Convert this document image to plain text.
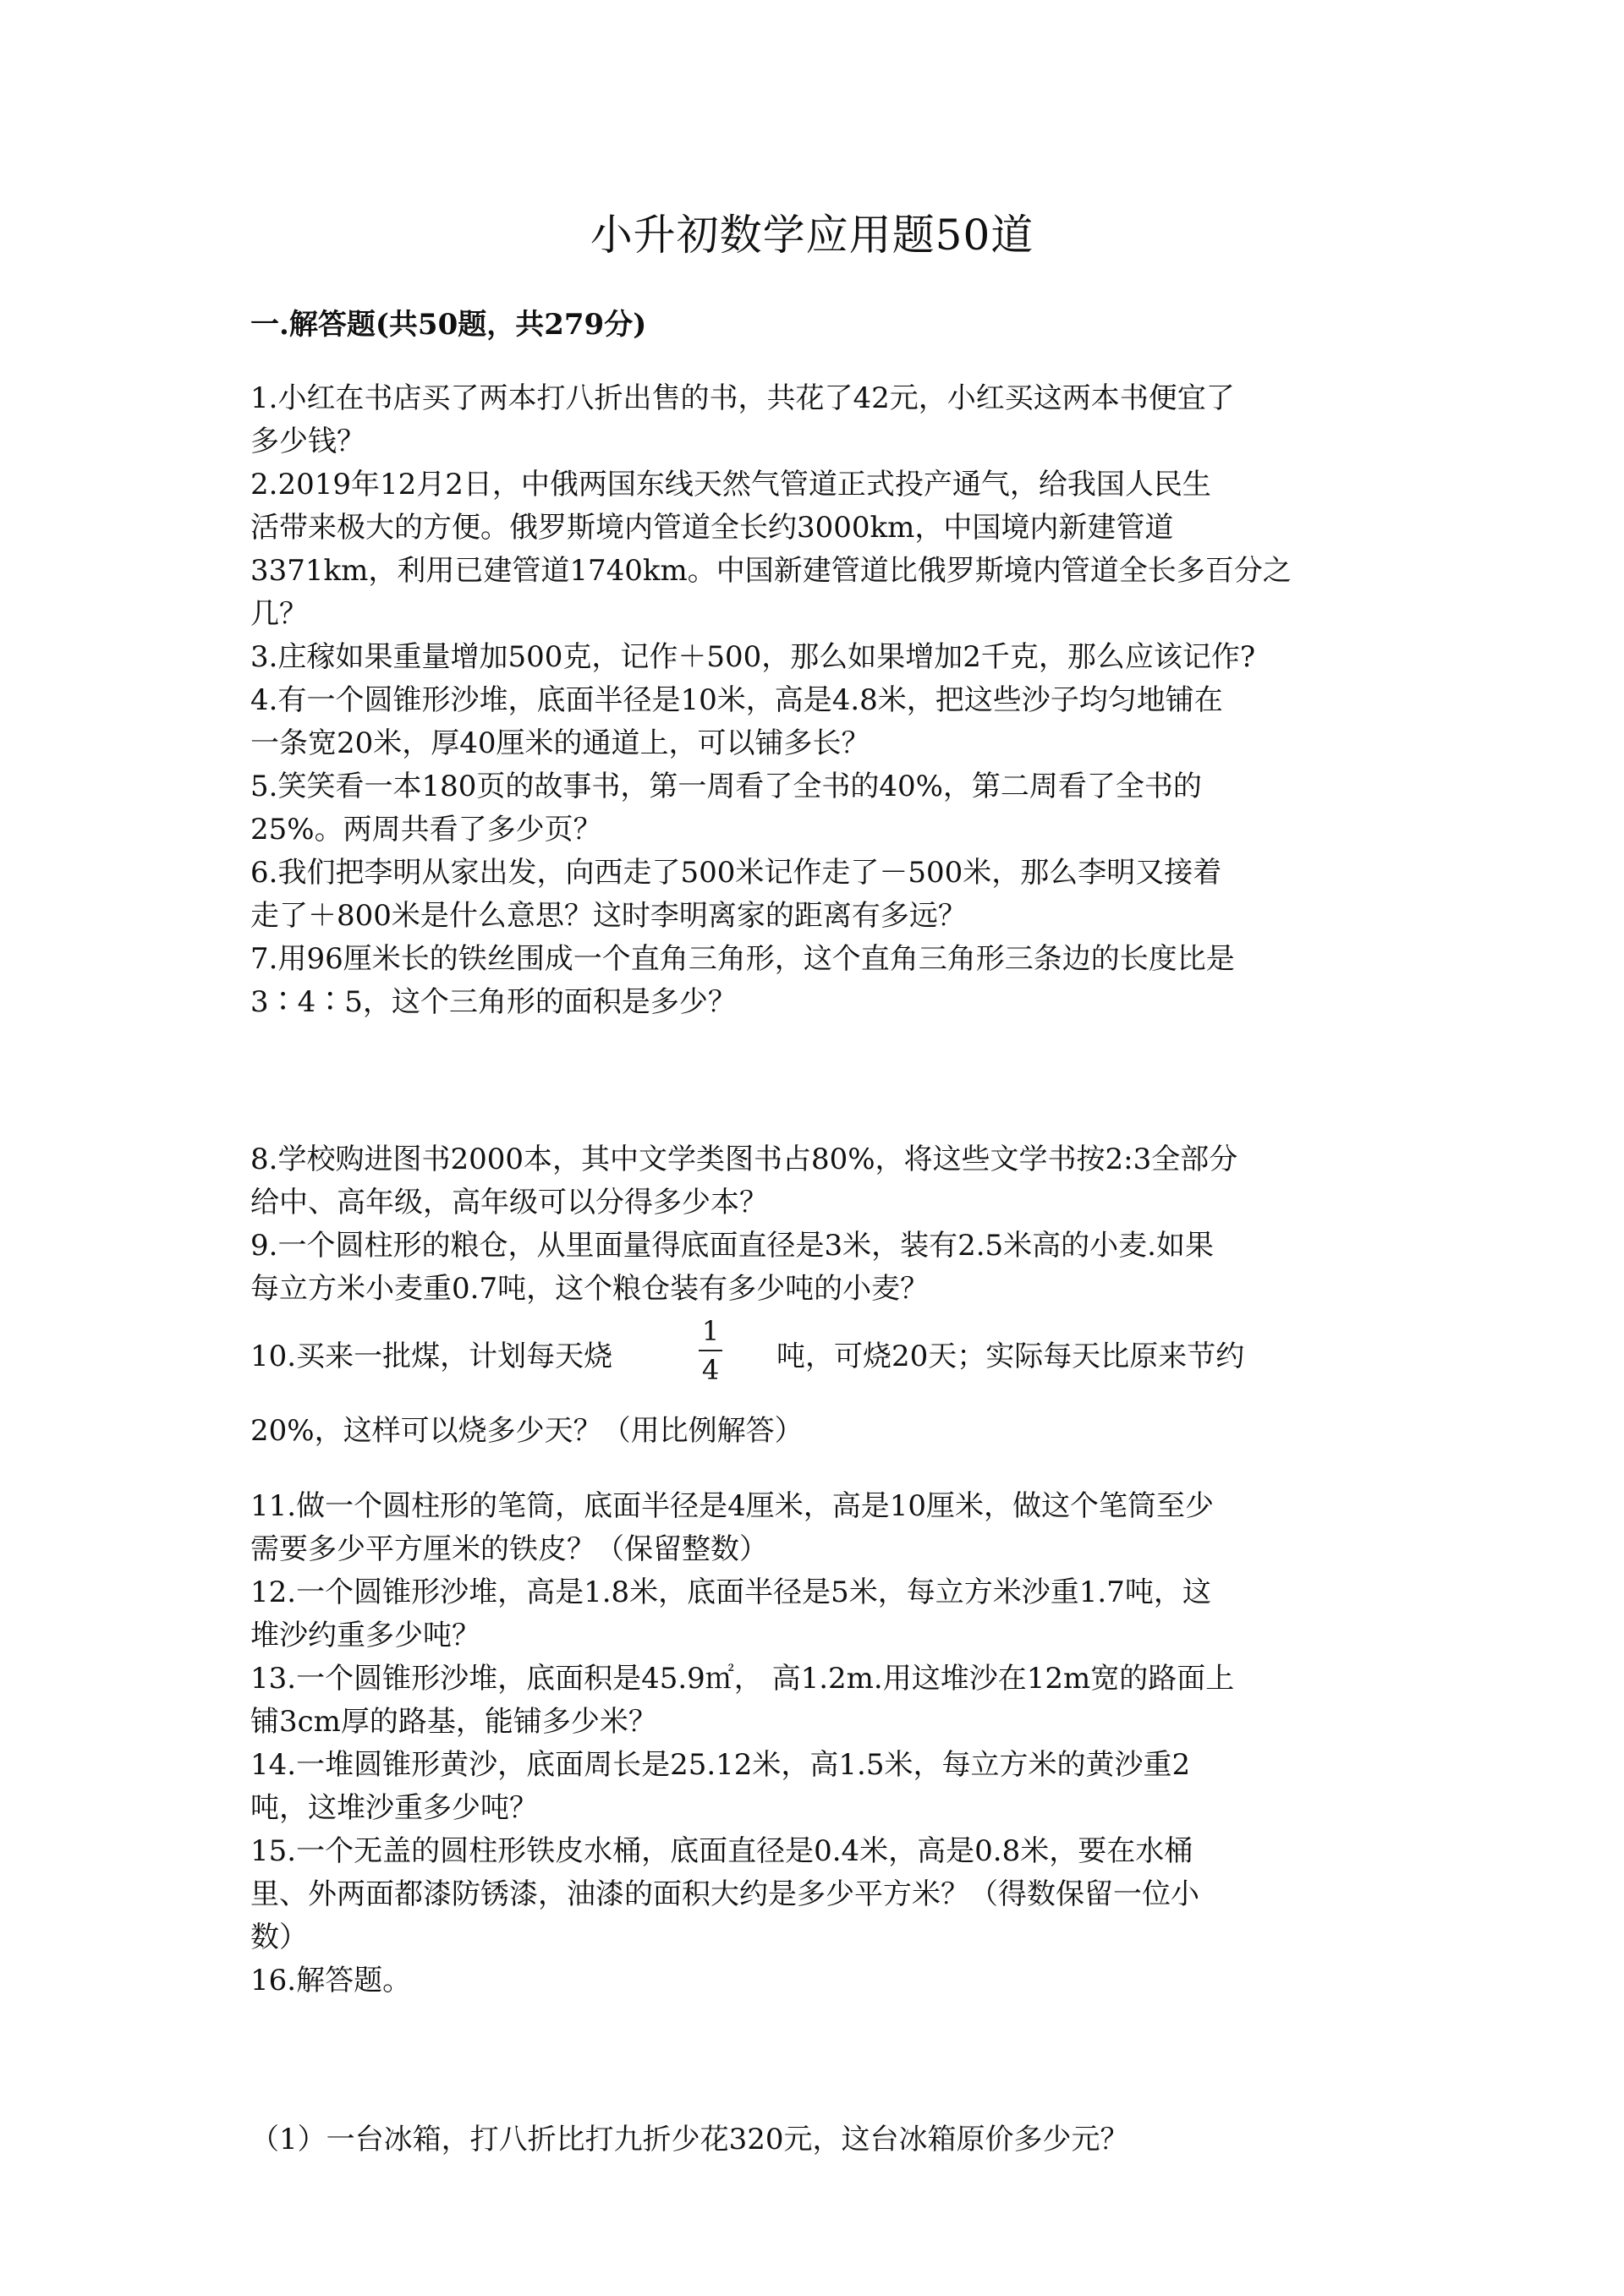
小升初数学应用题50道
一.解答题(共50题，共279分)
1.小红在书店买了两本打八折出售的书，共花了42元，小红买这两本书便宜了
多少钱？
2.2019年12月2日，中俄两国东线天然气管道正式投产通气，给我国人民生
活带来极大的方便。俄罗斯境内管道全长约3000km，中国境内新建管道
3371km，利用已建管道1740km。中国新建管道比俄罗斯境内管道全长多百分之
几？
3.庄稼如果重量增加500克，记作＋500，那么如果增加2千克，那么应该记作?
4.有一个圆锥形沙堆，底面半径是10米，高是4.8米，把这些沙子均匀地铺在
一条宽20米，厚40厘米的通道上，可以铺多长？
5.笑笑看一本180页的故事书，第一周看了全书的40%，第二周看了全书的
25%。两周共看了多少页？
6.我们把李明从家出发，向西走了500米记作走了－500米，那么李明又接着
走了＋800米是什么意思？这时李明离家的距离有多远？
7.用96厘米长的铁丝围成一个直角三角形，这个直角三角形三条边的长度比是
3∶4∶5，这个三角形的面积是多少？
8.学校购进图书2000本，其中文学类图书占80%，将这些文学书按2:3全部分
给中、高年级，高年级可以分得多少本？
9.一个圆柱形的粮仓，从里面量得底面直径是3米，装有2.5米高的小麦.如果
每立方米小麦重0.7吨，这个粮仓装有多少吨的小麦？
10.买来一批煤，计划每天烧
1
4 吨，可烧20天；实际每天比原来节约
20%，这样可以烧多少天？（用比例解答）
11.做一个圆柱形的笔筒，底面半径是4厘米，高是10厘米，做这个笔筒至少
需要多少平方厘米的铁皮？（保留整数）
12.一个圆锥形沙堆，高是1.8米，底面半径是5米，每立方米沙重1.7吨，这
堆沙约重多少吨？
13.一个圆锥形沙堆，底面积是45.9㎡， 高1.2m.用这堆沙在12m宽的路面上
铺3cm厚的路基，能铺多少米？
14.一堆圆锥形黄沙，底面周长是25.12米，高1.5米，每立方米的黄沙重2
吨，这堆沙重多少吨？
15.一个无盖的圆柱形铁皮水桶，底面直径是0.4米，高是0.8米，要在水桶
里、外两面都漆防锈漆，油漆的面积大约是多少平方米？（得数保留一位小
数）
16.解答题。
（1）一台冰箱，打八折比打九折少花320元，这台冰箱原价多少元？
